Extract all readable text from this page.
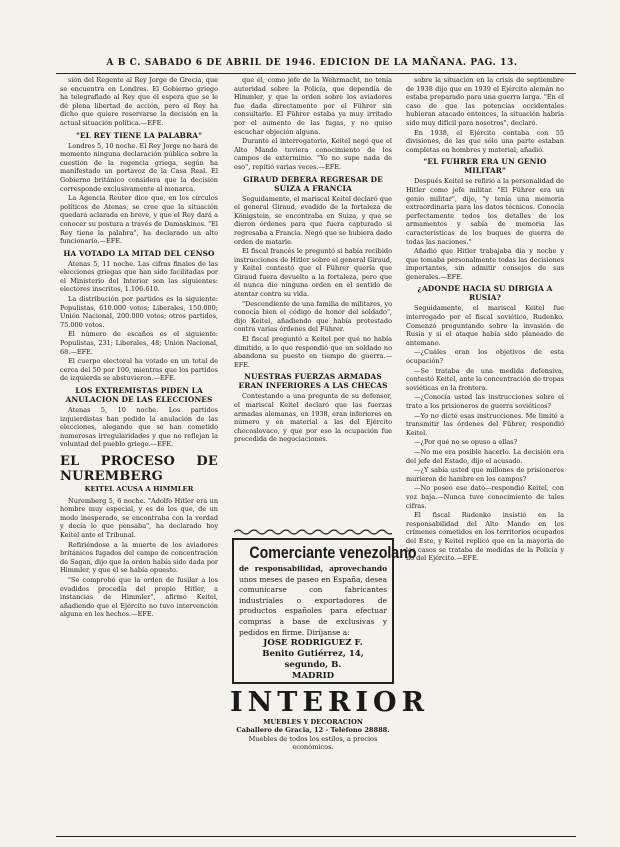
A B C. SABADO 6 DE ABRIL DE 1946. EDICION DE LA MAÑANA. PAG. 13.

sión del Regente al Rey Jorge de Grecia, que se encuentra en Londres. El Gobierno griego ha telegrafiado al Rey que él espera que se le dé plena libertad de acción, pero el Rey ha dicho que quiere reservarse la decisión en la actual situación política.—EFE.

"EL REY TIENE LA PALABRA"

Londres 5, 10 noche. El Rey Jorge no hará de momento ninguna declaración pública sobre la cuestión de la regencia griega, según ha manifestado un portavoz de la Casa Real. El Gobierno británico considera que la decisión corresponde exclusivamente al monarca.

La Agencia Reuter dice que, en los círculos políticos de Atenas, se cree que la situación quedará aclarada en breve, y que el Rey dará a conocer su postura a través de Damaskinos. "El Rey tiene la palabra", ha declarado un alto funcionario.—EFE.

HA VOTADO LA MITAD DEL CENSO

Atenas 5, 11 noche. Las cifras finales de las elecciones griegas que han sido facilitadas por el Ministerio del Interior son las siguientes: electores inscritos, 1.106.610.

La distribución por partidos es la siguiente: Populistas, 610.000 votos; Liberales, 150.000; Unión Nacional, 200.000 votos; otros partidos, 75.000 votos.

El número de escaños es el siguiente: Populistas, 231; Liberales, 48; Unión Nacional, 68.—EFE.

El cuerpo electoral ha votado en un total de cerca del 50 por 100, mientras que los partidos de izquierda se abstuvieron.—EFE.

LOS EXTREMISTAS PIDEN LA ANULACION DE LAS ELECCIONES

Atenas 5, 10 noche. Los partidos izquierdistas han pedido la anulación de las elecciones, alegando que se han cometido numerosas irregularidades y que no reflejan la voluntad del pueblo griego.—EFE.

EL PROCESO DE NUREMBERG
KEITEL ACUSA A HIMMLER

Nuremberg 5, 6 noche. "Adolfo Hitler era un hombre muy especial, y es de los que, de un modo inesperado, se encontraba con la verdad y decía lo que pensaba", ha declarado hoy Keitel ante el Tribunal.

Refiriéndose a la muerte de los aviadores británicos fugados del campo de concentración de Sagan, dijo que la orden había sido dada por Himmler, y que él se había opuesto.

"Se comprobó que la orden de fusilar a los evadidos procedía del propio Hitler, a instancias de Himmler", afirmó Keitel, añadiendo que el Ejército no tuvo intervención alguna en los hechos.—EFE.

que él, como jefe de la Wehrmacht, no tenía autoridad sobre la Policía, que dependía de Himmler, y que la orden sobre los aviadores fue dada directamente por el Führer sin consultarle. El Führer estaba ya muy irritado por el aumento de las fugas, y no quiso escuchar objeción alguna.

Durante el interrogatorio, Keitel negó que el Alto Mando tuviera conocimiento de los campos de exterminio. "Yo no supe nada de eso", repitió varias veces.—EFE.

GIRAUD DEBERA REGRESAR DE SUIZA A FRANCIA

Seguidamente, el mariscal Keitel declaró que el general Giraud, evadido de la fortaleza de Königstein, se encontraba en Suiza, y que se dieron órdenes para que fuera capturado si regresaba a Francia. Negó que se hubiera dado orden de matarle.

El fiscal francés le preguntó si había recibido instrucciones de Hitler sobre el general Giraud, y Keitel contestó que el Führer quería que Giraud fuera devuelto a la fortaleza, pero que él nunca dio ninguna orden en el sentido de atentar contra su vida.

"Descendiente de una familia de militares, yo conocía bien el código de honor del soldado", dijo Keitel, añadiendo que había protestado contra varias órdenes del Führer.

El fiscal preguntó a Keitel por qué no había dimitido, a lo que respondió que un soldado no abandona su puesto en tiempo de guerra.—EFE.

NUESTRAS FUERZAS ARMADAS ERAN INFERIORES A LAS CHECAS

Contestando a una pregunta de su defensor, el mariscal Keitel declaró que las fuerzas armadas alemanas, en 1938, eran inferiores en número y en material a las del Ejército checoslovaco, y que por eso la ocupación fue precedida de negociaciones.

sobre la situación en la crisis de septiembre de 1938 dijo que en 1939 el Ejército alemán no estaba preparado para una guerra larga. "En el caso de que las potencias occidentales hubieran atacado entonces, la situación habría sido muy difícil para nosotros", declaró.

En 1938, el Ejército contaba con 55 divisiones, de las que sólo una parte estaban completas en hombres y material, añadió.

"EL FUHRER ERA UN GENIO MILITAR"

Después Keitel se refirió a la personalidad de Hitler como jefe militar. "El Führer era un genio militar", dijo, "y tenía una memoria extraordinaria para los datos técnicos. Conocía perfectamente todos los detalles de los armamentos y sabía de memoria las características de los buques de guerra de todas las naciones."

Añadió que Hitler trabajaba día y noche y que tomaba personalmente todas las decisiones importantes, sin admitir consejos de sus generales.—EFE.

¿ADONDE HACIA SU DIRIGIA A RUSIA?

Seguidamente, el mariscal Keitel fue interrogado por el fiscal soviético, Rudenko. Comenzó preguntando sobre la invasión de Rusia y si el ataque había sido planeado de antemano.

—¿Cuáles eran los objetivos de esta ocupación?

—Se trataba de una medida defensiva, contestó Keitel, ante la concentración de tropas soviéticas en la frontera.

—¿Conocía usted las instrucciones sobre el trato a los prisioneros de guerra soviéticos?

—Yo no dicté esas instrucciones. Me limité a transmitir las órdenes del Führer, respondió Keitel.

—¿Por qué no se opuso a ellas?

—No me era posible hacerlo. La decisión era del jefe del Estado, dijo el acusado.

—¿Y sabía usted que millones de prisioneros murieron de hambre en los campos?

—No poseo ese dato—respondió Keitel, con voz baja.—Nunca tuve conocimiento de tales cifras.

El fiscal Rudenko insistió en la responsabilidad del Alto Mando en los crímenes cometidos en los territorios ocupados del Este, y Keitel replicó que en la mayoría de los casos se trataba de medidas de la Policía y no del Ejército.—EFE.

Comerciante venezolano
de responsabilidad, aprovechando unos meses de paseo en España, desea comunicarse con fabricantes industriales o exportadores de productos españoles para efectuar compras a base de exclusivas y pedidos en firme. Diríjanse a:
JOSE RODRIGUEZ F.
Benito Gutiérrez, 14, segundo, B.
MADRID
INTERIOR
MUEBLES Y DECORACION
Caballero de Gracia, 12 - Teléfono 28888.
Muebles de todos los estilos, a precios económicos.
